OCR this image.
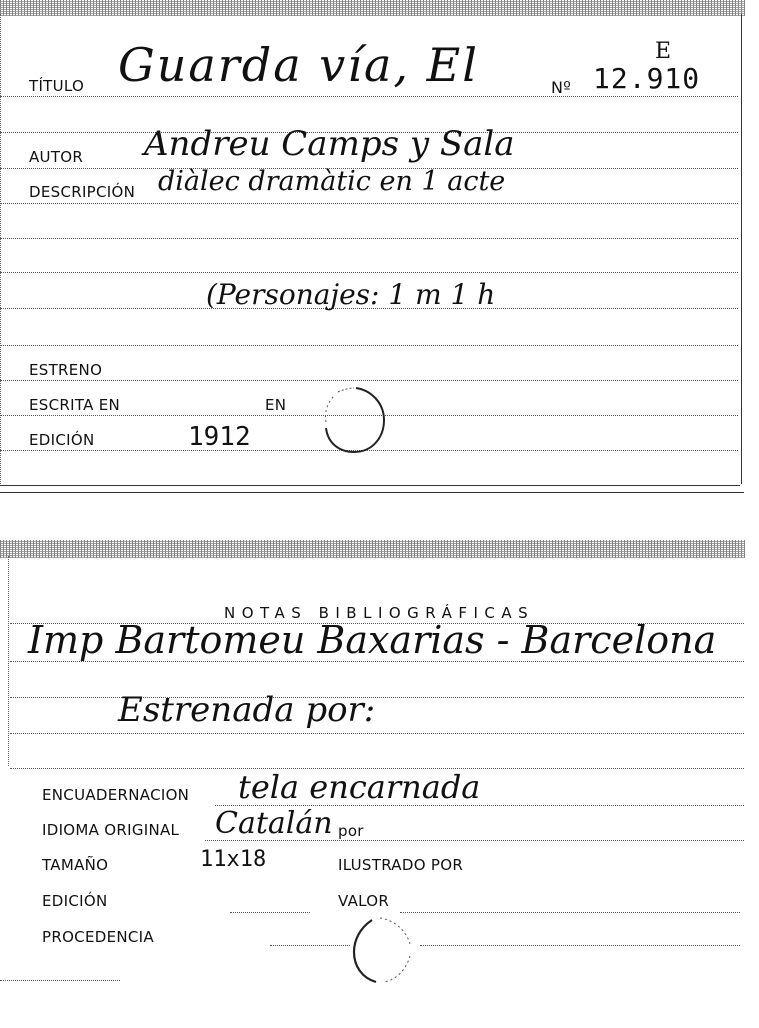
TÍTULO Guarda vía, El	Nº 12.910
E
AUTOR Andreu Camps y Sala
DESCRIPCIÓN diàlec dramàtic en 1 acte
(Personajes: 1 m 1 h
ESTRENO
ESCRITA EN	EN
EDICIÓN	1912
NOTAS BIBLIOGRÁFICAS
Imp Bartomeu Baxarias - Barcelona
Estrenada por:
ENCUADERNACION tela encarnada
IDIOMA ORIGINAL Catalán por
TAMAÑO	11x18	ILUSTRADO POR
EDICIÓN	VALOR
PROCEDENCIA
